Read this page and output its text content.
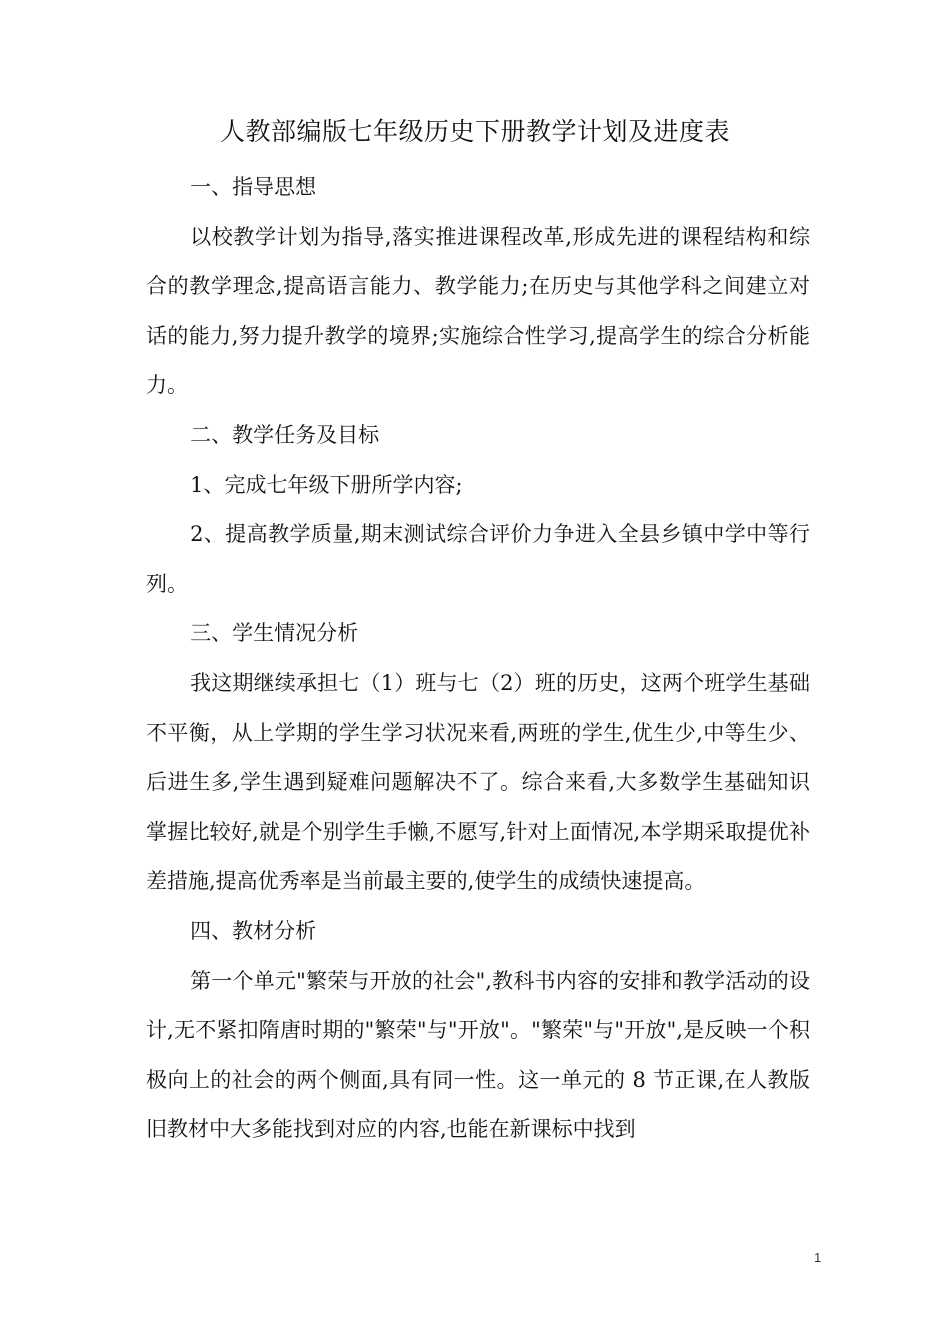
人教部编版七年级历史下册教学计划及进度表

一、指导思想

以校教学计划为指导,落实推进课程改革,形成先进的课程结构和综合的教学理念,提高语言能力、教学能力;在历史与其他学科之间建立对话的能力,努力提升教学的境界;实施综合性学习,提高学生的综合分析能力。

二、教学任务及目标

1、完成七年级下册所学内容;

2、提高教学质量,期末测试综合评价力争进入全县乡镇中学中等行列。

三、学生情况分析

我这期继续承担七（1）班与七（2）班的历史，这两个班学生基础不平衡，从上学期的学生学习状况来看,两班的学生,优生少,中等生少、后进生多,学生遇到疑难问题解决不了。综合来看,大多数学生基础知识掌握比较好,就是个别学生手懒,不愿写,针对上面情况,本学期采取提优补差措施,提高优秀率是当前最主要的,使学生的成绩快速提高。

四、教材分析

第一个单元"繁荣与开放的社会",教科书内容的安排和教学活动的设计,无不紧扣隋唐时期的"繁荣"与"开放"。"繁荣"与"开放",是反映一个积极向上的社会的两个侧面,具有同一性。这一单元的 8 节正课,在人教版旧教材中大多能找到对应的内容,也能在新课标中找到

1
